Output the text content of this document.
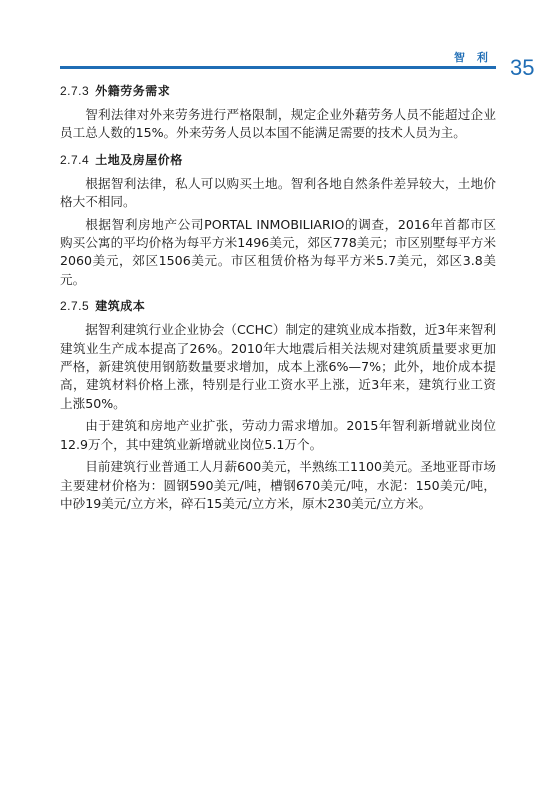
智 利 35
2.7.3 外籍劳务需求

智利法律对外来劳务进行严格限制，规定企业外藉劳务人员不能超过企业员工总人数的15%。外来劳务人员以本国不能满足需要的技术人员为主。

2.7.4 土地及房屋价格

根据智利法律，私人可以购买土地。智利各地自然条件差异较大，土地价格大不相同。

根据智利房地产公司PORTAL INMOBILIARIO的调查，2016年首都市区购买公寓的平均价格为每平方米1496美元，郊区778美元；市区别墅每平方米2060美元，郊区1506美元。市区租赁价格为每平方米5.7美元，郊区3.8美元。

2.7.5 建筑成本

据智利建筑行业企业协会（CCHC）制定的建筑业成本指数，近3年来智利建筑业生产成本提高了26%。2010年大地震后相关法规对建筑质量要求更加严格，新建筑使用钢筋数量要求增加，成本上涨6%—7%；此外，地价成本提高，建筑材料价格上涨，特别是行业工资水平上涨，近3年来，建筑行业工资上涨50%。

由于建筑和房地产业扩张，劳动力需求增加。2015年智利新增就业岗位12.9万个，其中建筑业新增就业岗位5.1万个。

目前建筑行业普通工人月薪600美元，半熟练工1100美元。圣地亚哥市场主要建材价格为：圆钢590美元/吨，槽钢670美元/吨，水泥：150美元/吨，中砂19美元/立方米，碎石15美元/立方米，原木230美元/立方米。
